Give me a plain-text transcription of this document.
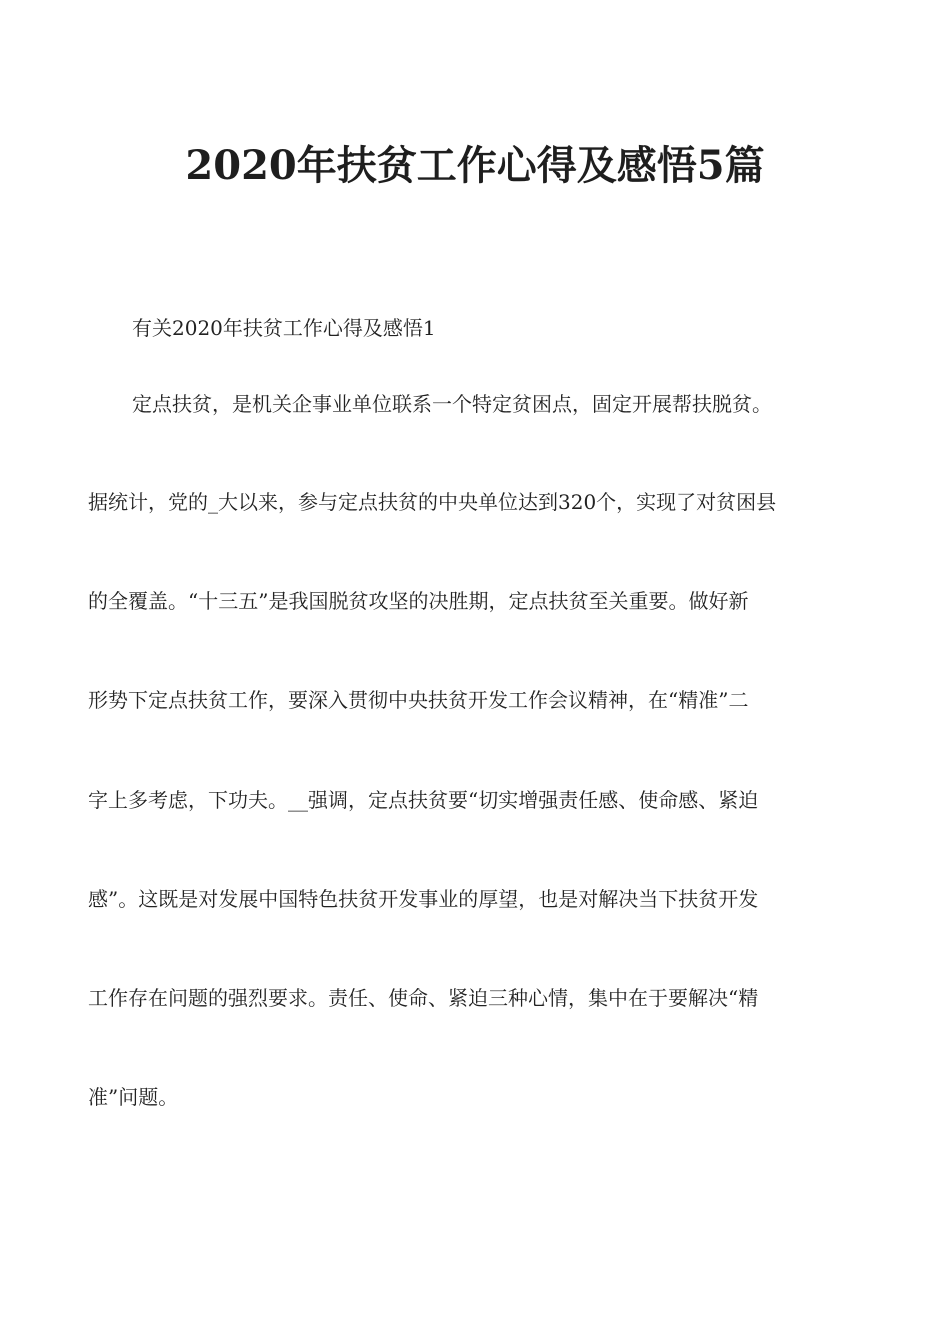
2020年扶贫工作心得及感悟5篇
有关2020年扶贫工作心得及感悟1
定点扶贫，是机关企事业单位联系一个特定贫困点，固定开展帮扶脱贫。
据统计，党的_大以来，参与定点扶贫的中央单位达到320个，实现了对贫困县
的全覆盖。“十三五”是我国脱贫攻坚的决胜期，定点扶贫至关重要。做好新
形势下定点扶贫工作，要深入贯彻中央扶贫开发工作会议精神，在“精准”二
字上多考虑，下功夫。__强调，定点扶贫要“切实增强责任感、使命感、紧迫
感”。这既是对发展中国特色扶贫开发事业的厚望，也是对解决当下扶贫开发
工作存在问题的强烈要求。责任、使命、紧迫三种心情，集中在于要解决“精
准”问题。
